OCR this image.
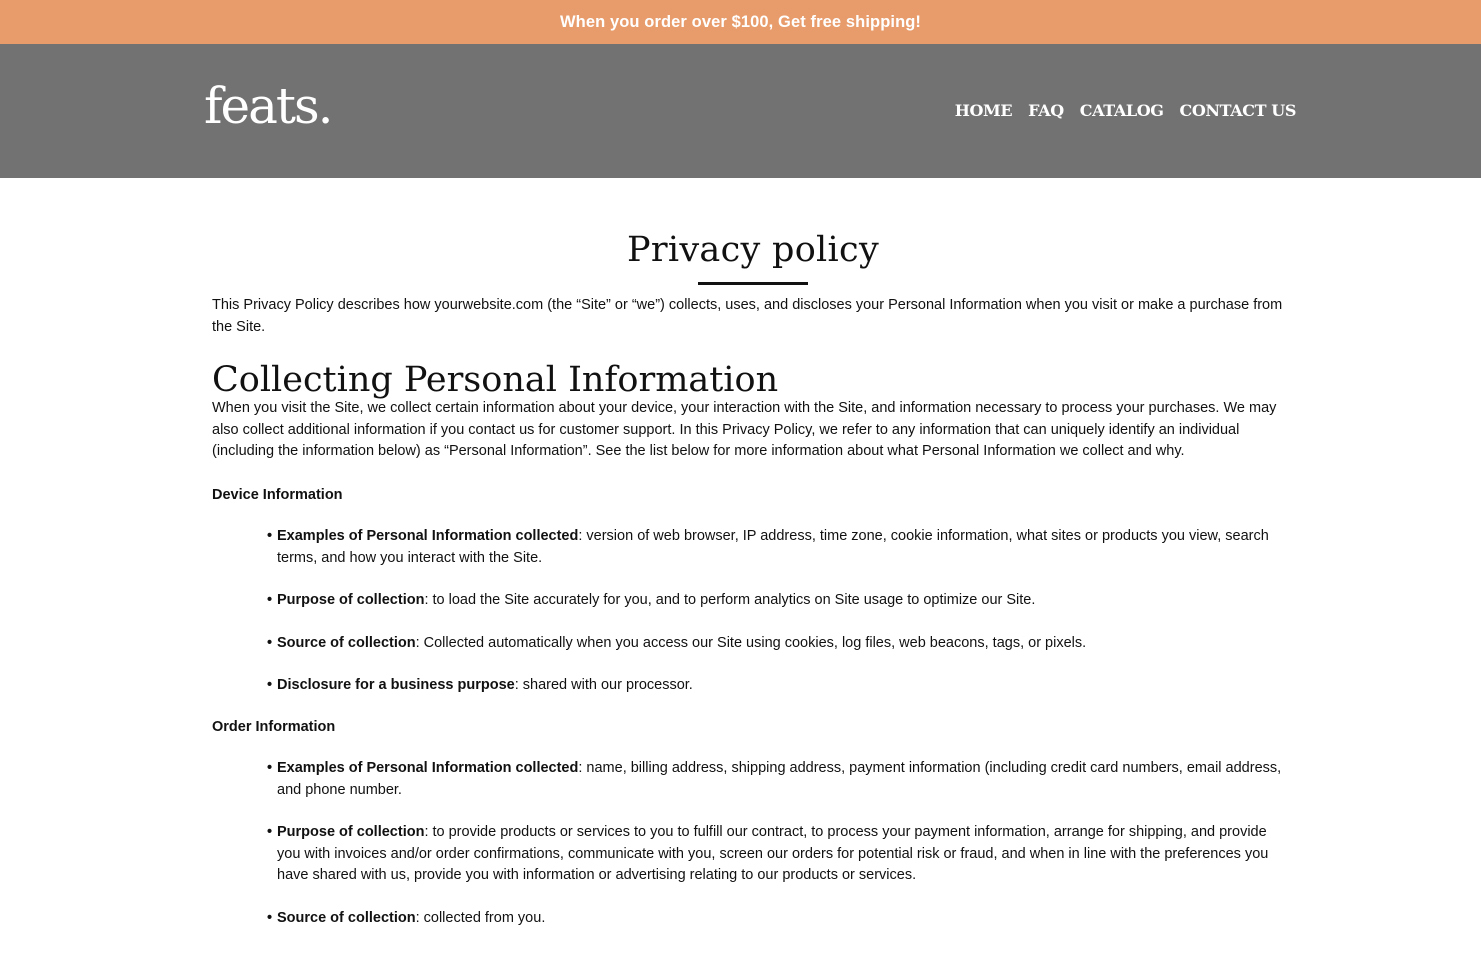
When you order over $100, Get free shipping!
feats.	HOME FAQ CATALOG CONTACT US
Privacy policy

This Privacy Policy describes how yourwebsite.com (the “Site” or “we”) collects, uses, and discloses your Personal Information when you visit or make a purchase from the Site.

Collecting Personal Information

When you visit the Site, we collect certain information about your device, your interaction with the Site, and information necessary to process your purchases. We may also collect additional information if you contact us for customer support. In this Privacy Policy, we refer to any information that can uniquely identify an individual (including the information below) as “Personal Information”. See the list below for more information about what Personal Information we collect and why.

Device Information

• Examples of Personal Information collected: version of web browser, IP address, time zone, cookie information, what sites or products you view, search terms, and how you interact with the Site.
• Purpose of collection: to load the Site accurately for you, and to perform analytics on Site usage to optimize our Site.
• Source of collection: Collected automatically when you access our Site using cookies, log files, web beacons, tags, or pixels.
• Disclosure for a business purpose: shared with our processor.

Order Information

• Examples of Personal Information collected: name, billing address, shipping address, payment information (including credit card numbers, email address, and phone number.
• Purpose of collection: to provide products or services to you to fulfill our contract, to process your payment information, arrange for shipping, and provide you with invoices and/or order confirmations, communicate with you, screen our orders for potential risk or fraud, and when in line with the preferences you have shared with us, provide you with information or advertising relating to our products or services.
• Source of collection: collected from you.
